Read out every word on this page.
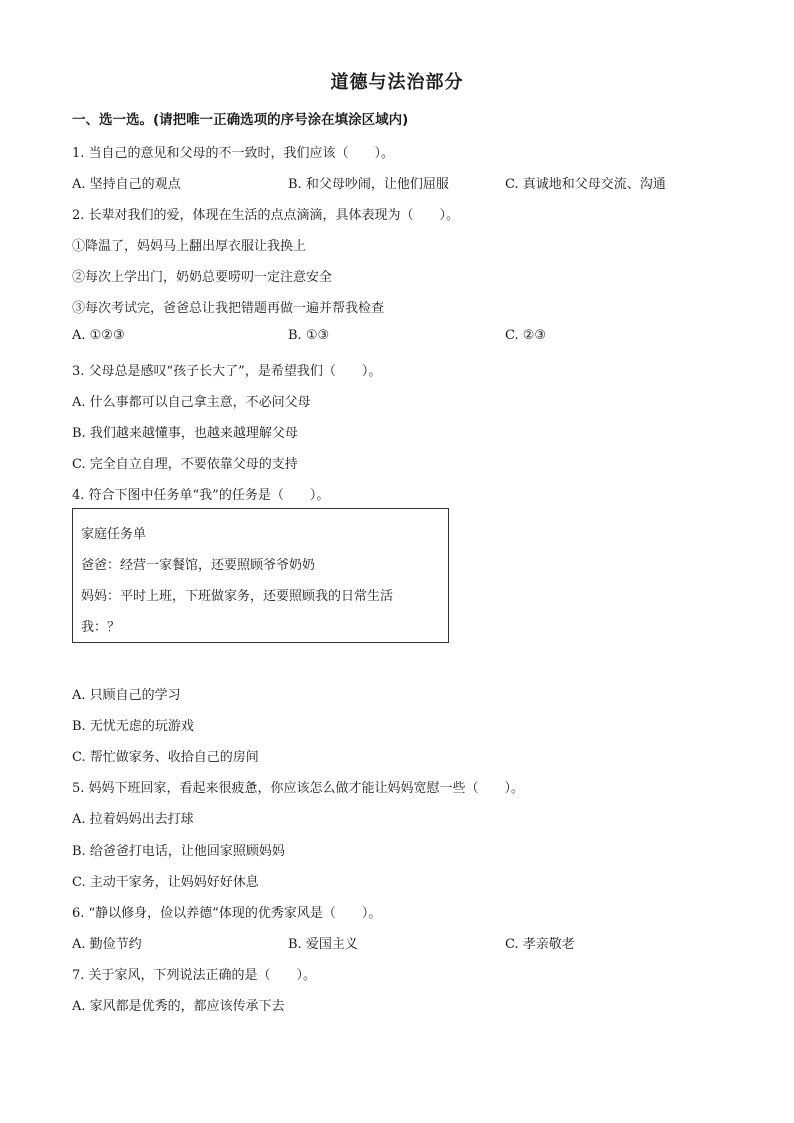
道德与法治部分
一、选一选。(请把唯一正确选项的序号涂在填涂区域内)
1. 当自己的意见和父母的不一致时，我们应该（　　）。
A. 坚持自己的观点	B. 和父母吵闹，让他们屈服	C. 真诚地和父母交流、沟通
2. 长辈对我们的爱，体现在生活的点点滴滴，具体表现为（　　）。
①降温了，妈妈马上翻出厚衣服让我换上
②每次上学出门，奶奶总要唠叨一定注意安全
③每次考试完，爸爸总让我把错题再做一遍并帮我检查
A. ①②③	B. ①③	C. ②③
3. 父母总是感叹“孩子长大了”，是希望我们（　　）。
A. 什么事都可以自己拿主意，不必问父母
B. 我们越来越懂事，也越来越理解父母
C. 完全自立自理，不要依靠父母的支持
4. 符合下图中任务单“我”的任务是（　　）。
家庭任务单
爸爸：经营一家餐馆，还要照顾爷爷奶奶
妈妈：平时上班，下班做家务，还要照顾我的日常生活
我：？
A. 只顾自己的学习
B. 无忧无虑的玩游戏
C. 帮忙做家务、收拾自己的房间
5. 妈妈下班回家，看起来很疲惫，你应该怎么做才能让妈妈宽慰一些（　　）。
A. 拉着妈妈出去打球
B. 给爸爸打电话，让他回家照顾妈妈
C. 主动干家务，让妈妈好好休息
6. “静以修身，俭以养德”体现的优秀家风是（　　）。
A. 勤俭节约	B. 爱国主义	C. 孝亲敬老
7. 关于家风，下列说法正确的是（　　）。
A. 家风都是优秀的，都应该传承下去
